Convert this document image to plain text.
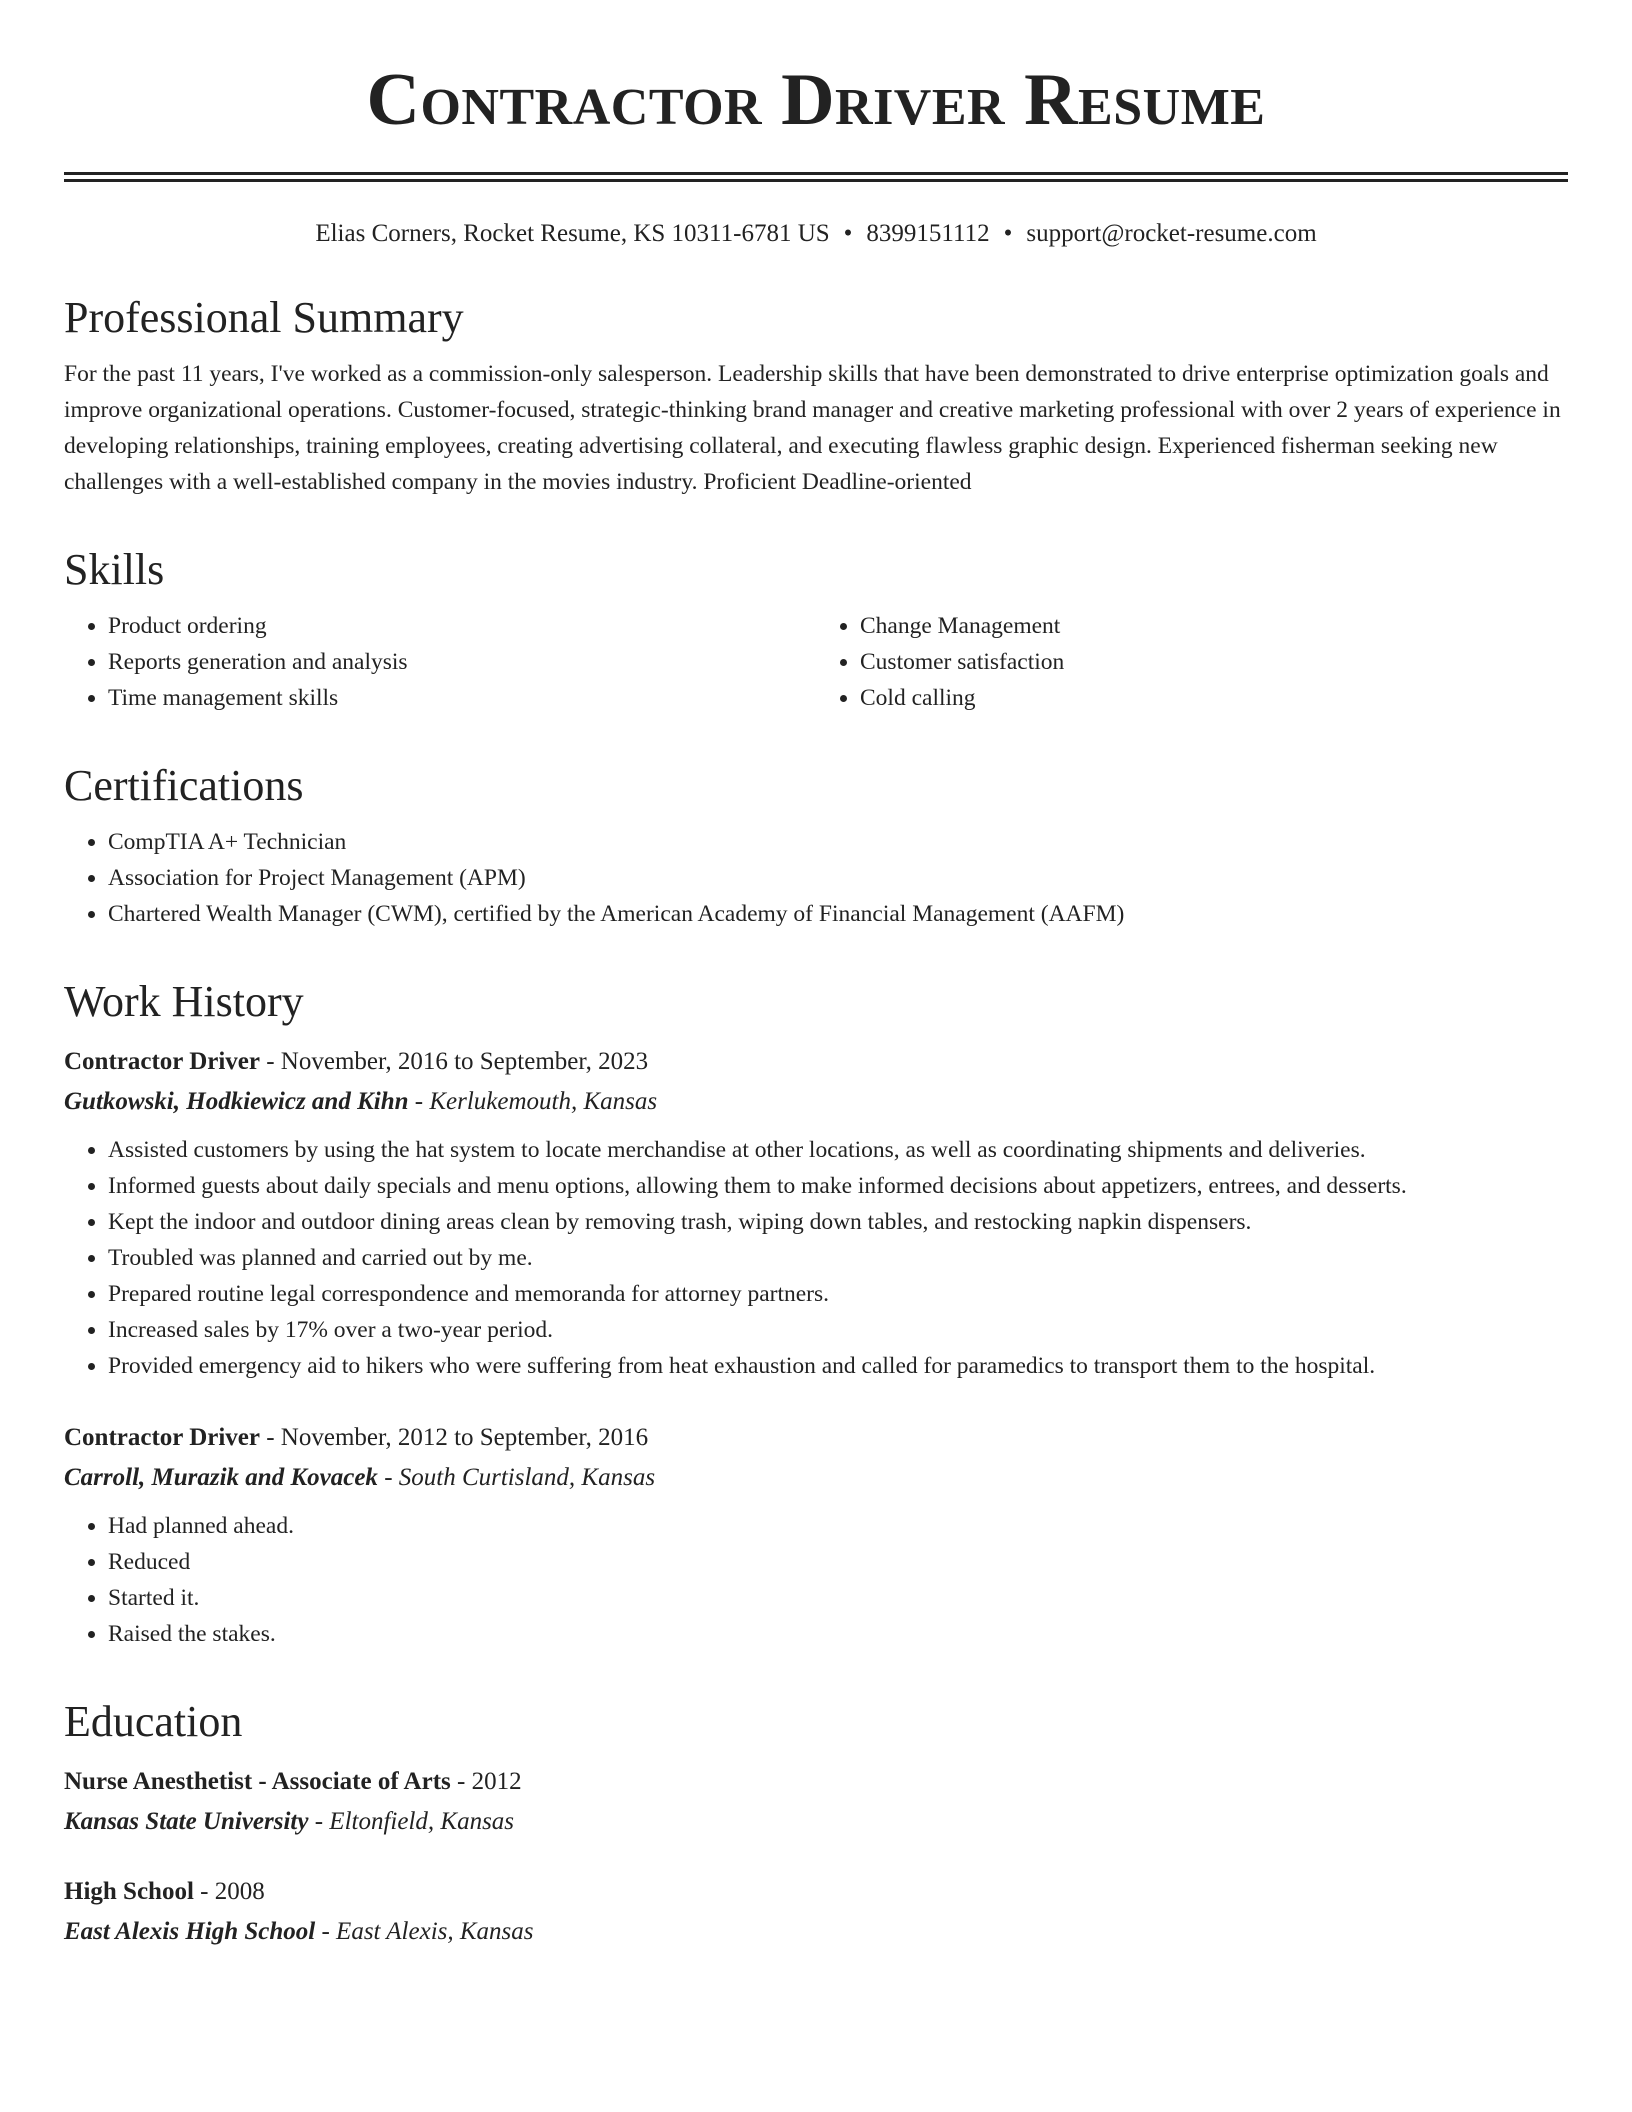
Contractor Driver Resume
Elias Corners, Rocket Resume, KS 10311-6781 US • 8399151112 • support@rocket-resume.com
Professional Summary
For the past 11 years, I've worked as a commission-only salesperson. Leadership skills that have been demonstrated to drive enterprise optimization goals and improve organizational operations. Customer-focused, strategic-thinking brand manager and creative marketing professional with over 2 years of experience in developing relationships, training employees, creating advertising collateral, and executing flawless graphic design. Experienced fisherman seeking new challenges with a well-established company in the movies industry. Proficient Deadline-oriented
Skills
• Product ordering
• Reports generation and analysis
• Time management skills
• Change Management
• Customer satisfaction
• Cold calling
Certifications
• CompTIA A+ Technician
• Association for Project Management (APM)
• Chartered Wealth Manager (CWM), certified by the American Academy of Financial Management (AAFM)
Work History
Contractor Driver - November, 2016 to September, 2023
Gutkowski, Hodkiewicz and Kihn - Kerlukemouth, Kansas
• Assisted customers by using the hat system to locate merchandise at other locations, as well as coordinating shipments and deliveries.
• Informed guests about daily specials and menu options, allowing them to make informed decisions about appetizers, entrees, and desserts.
• Kept the indoor and outdoor dining areas clean by removing trash, wiping down tables, and restocking napkin dispensers.
• Troubled was planned and carried out by me.
• Prepared routine legal correspondence and memoranda for attorney partners.
• Increased sales by 17% over a two-year period.
• Provided emergency aid to hikers who were suffering from heat exhaustion and called for paramedics to transport them to the hospital.
Contractor Driver - November, 2012 to September, 2016
Carroll, Murazik and Kovacek - South Curtisland, Kansas
• Had planned ahead.
• Reduced
• Started it.
• Raised the stakes.
Education
Nurse Anesthetist - Associate of Arts - 2012
Kansas State University - Eltonfield, Kansas
High School - 2008
East Alexis High School - East Alexis, Kansas
